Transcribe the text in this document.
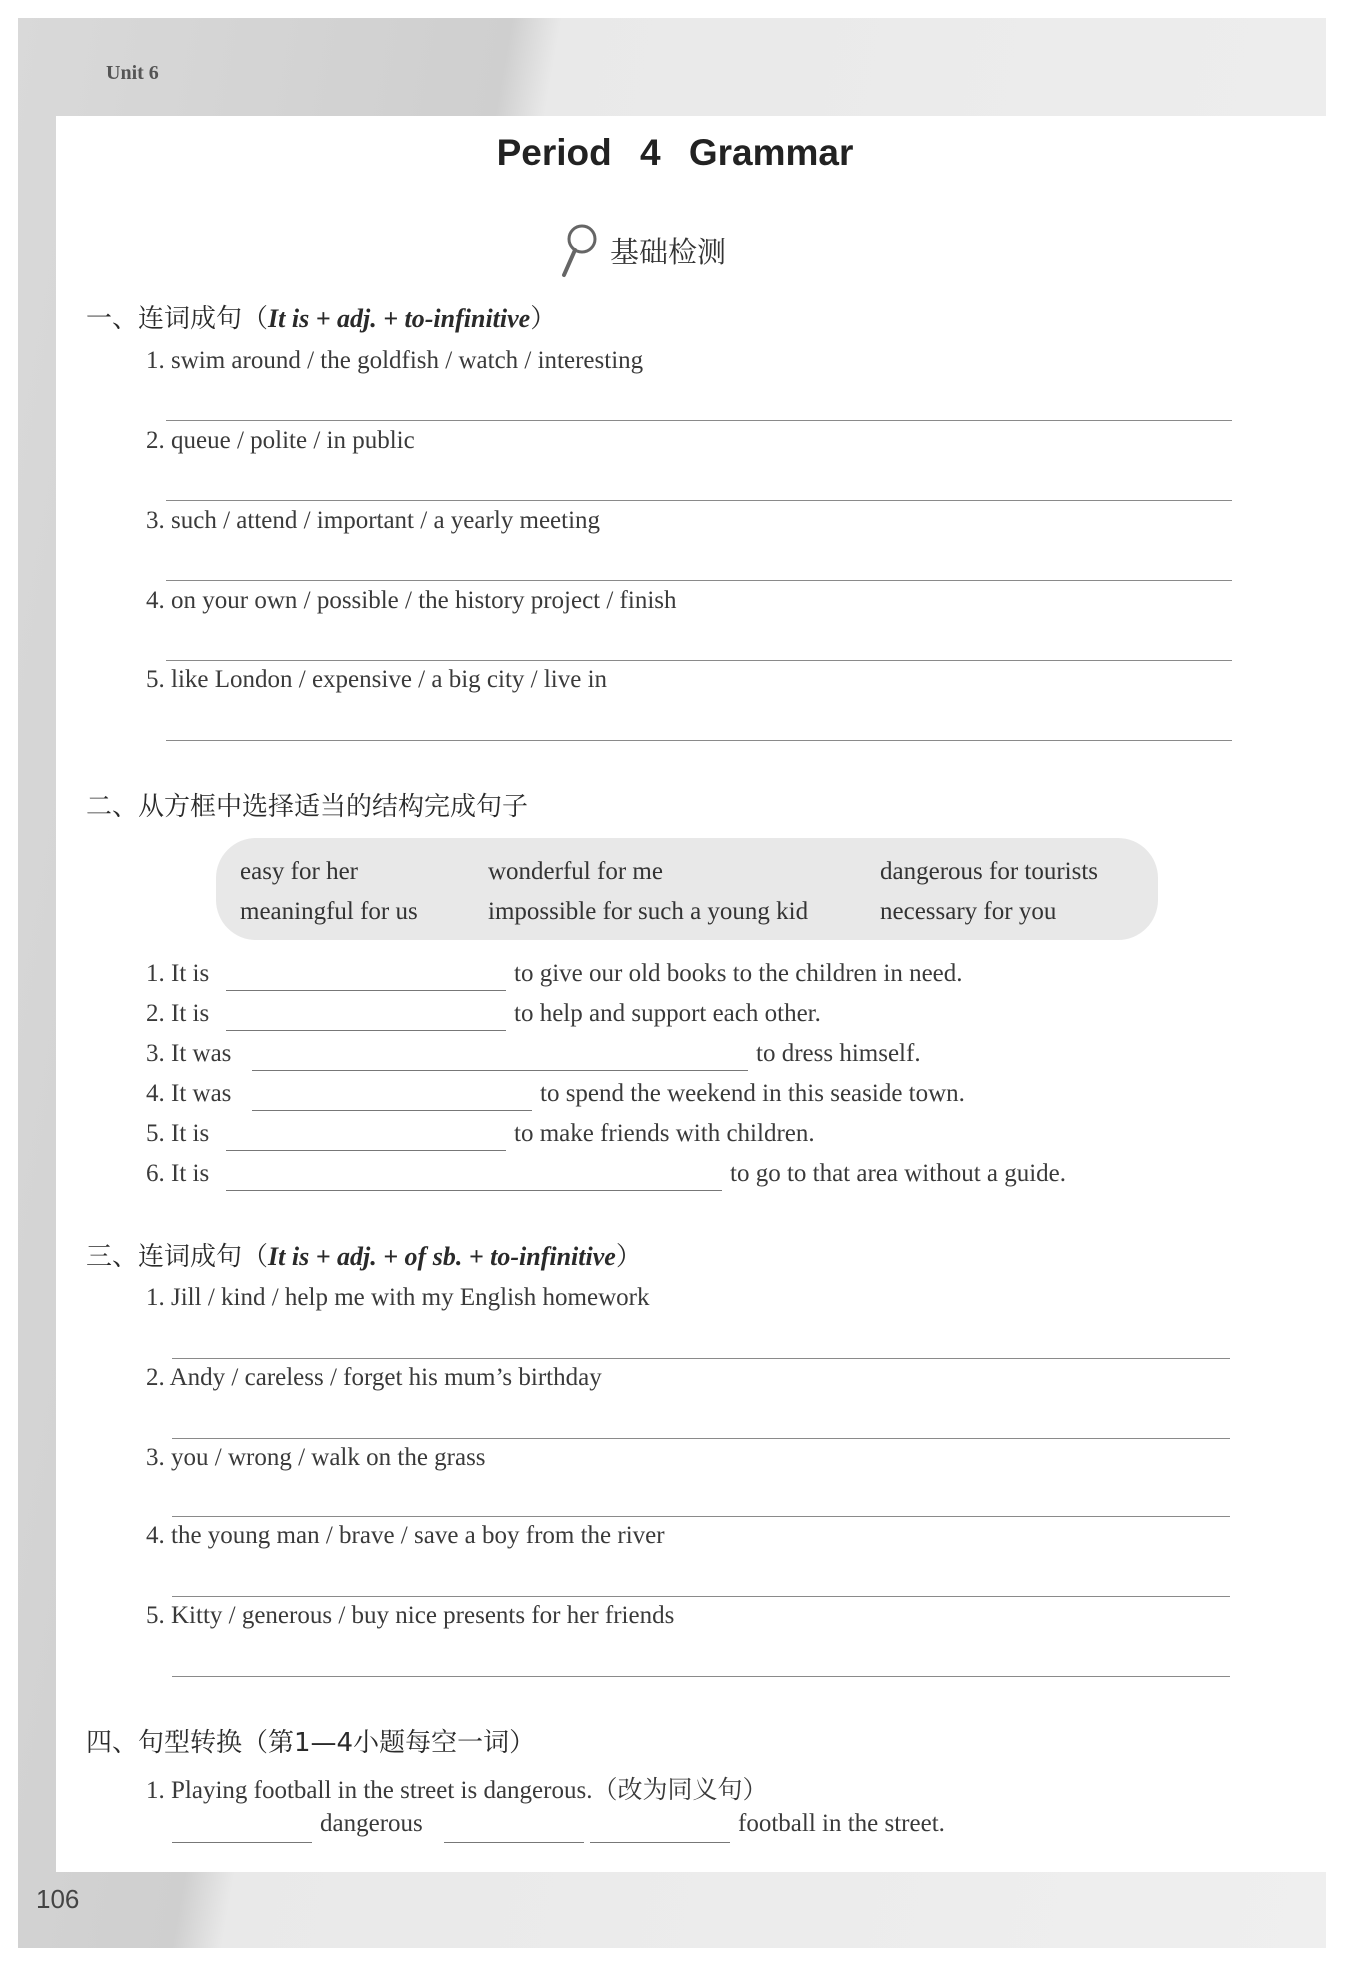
Unit 6
Period 4 Grammar
基础检测
一、连词成句（It is + adj. + to-infinitive）
1. swim around / the goldfish / watch / interesting
2. queue / polite / in public
3. such / attend / important / a yearly meeting
4. on your own / possible / the history project / finish
5. like London / expensive / a big city / live in
二、从方框中选择适当的结构完成句子
easy for her	wonderful for me	dangerous for tourists
meaningful for us	impossible for such a young kid	necessary for you
1. It is	to give our old books to the children in need.
2. It is	to help and support each other.
3. It was	to dress himself.
4. It was	to spend the weekend in this seaside town.
5. It is	to make friends with children.
6. It is	to go to that area without a guide.
三、连词成句（It is + adj. + of sb. + to-infinitive）
1. Jill / kind / help me with my English homework
2. Andy / careless / forget his mum’s birthday
3. you / wrong / walk on the grass
4. the young man / brave / save a boy from the river
5. Kitty / generous / buy nice presents for her friends
四、句型转换（第1—4小题每空一词）
1. Playing football in the street is dangerous.（改为同义句）
dangerous	football in the street.
106
